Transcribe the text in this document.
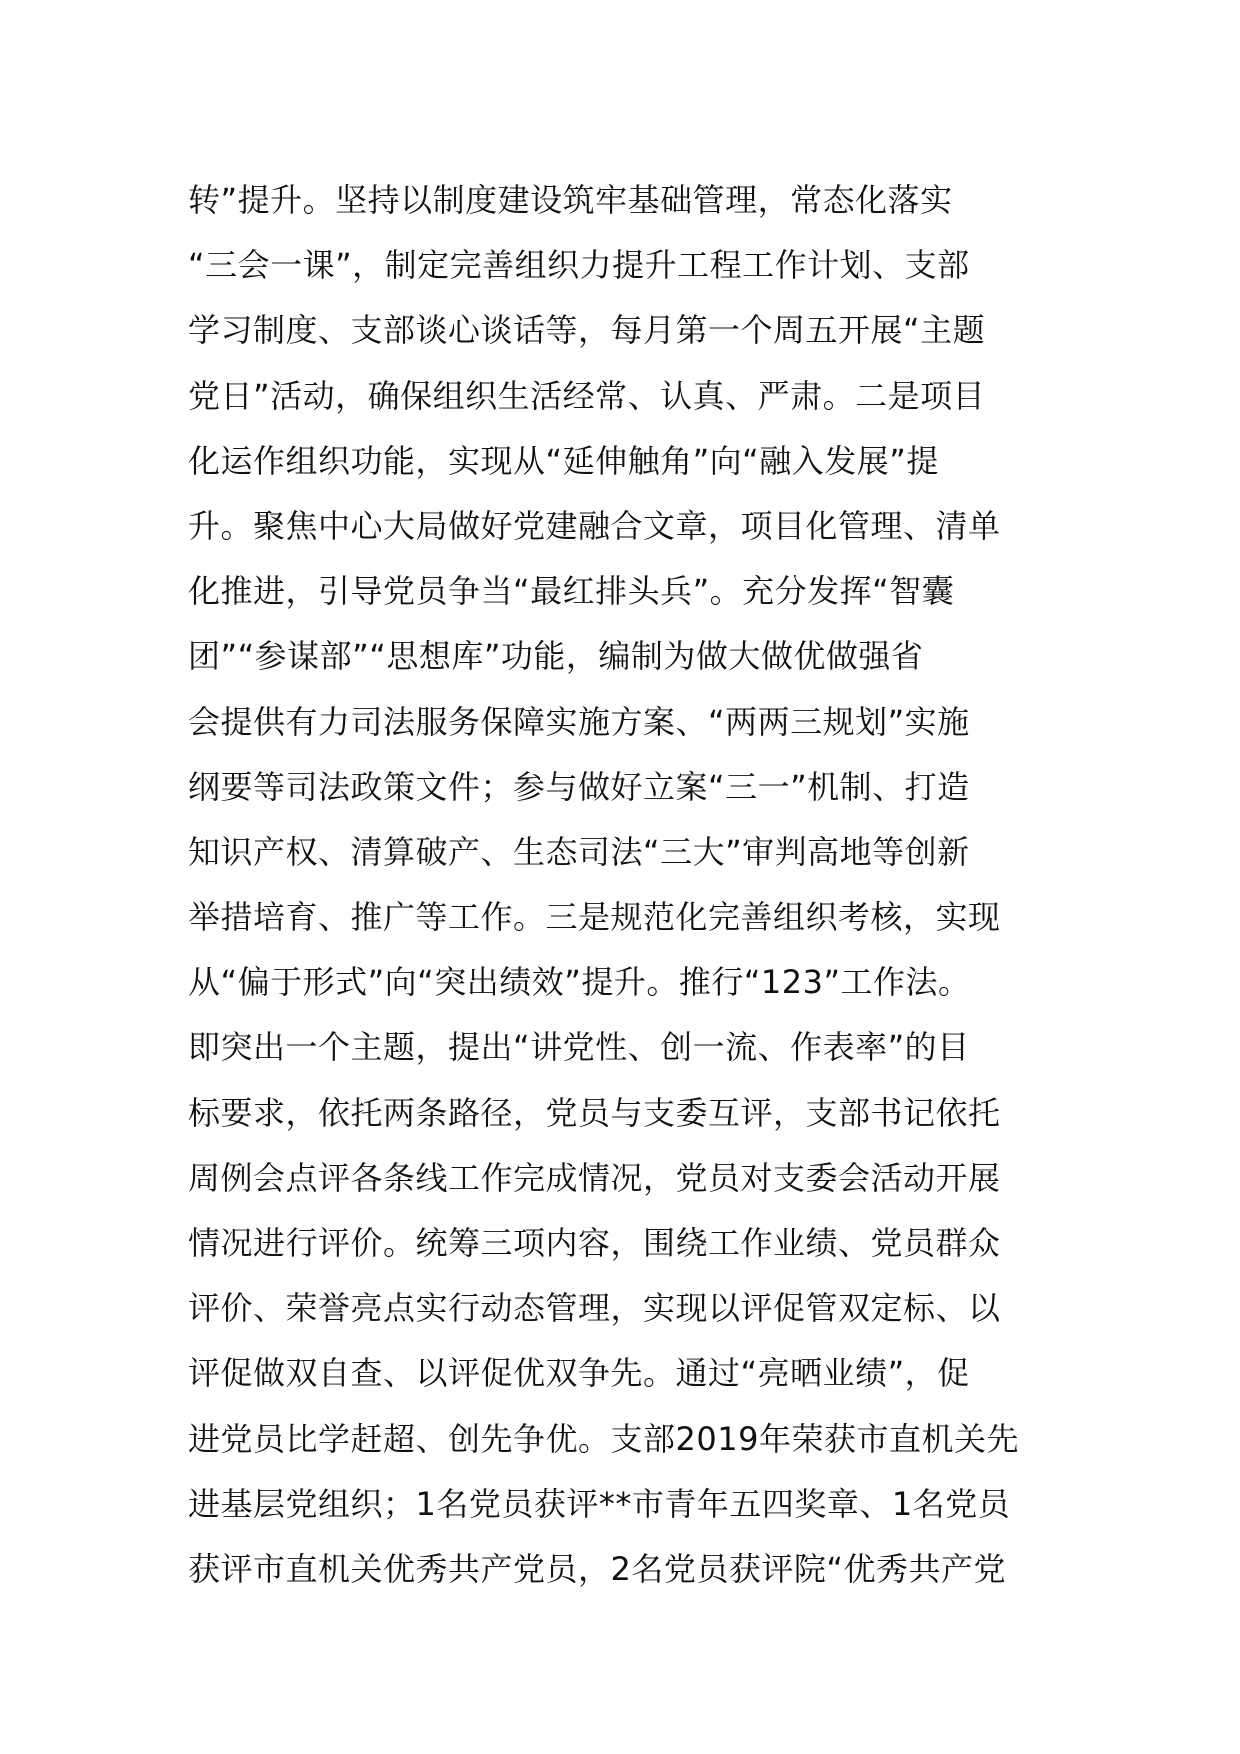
转”提升。坚持以制度建设筑牢基础管理，常态化落实
“三会一课”，制定完善组织力提升工程工作计划、支部
学习制度、支部谈心谈话等，每月第一个周五开展“主题
党日”活动，确保组织生活经常、认真、严肃。二是项目
化运作组织功能，实现从“延伸触角”向“融入发展”提
升。聚焦中心大局做好党建融合文章，项目化管理、清单
化推进，引导党员争当“最红排头兵”。充分发挥“智囊
团”“参谋部”“思想库”功能，编制为做大做优做强省
会提供有力司法服务保障实施方案、“两两三规划”实施
纲要等司法政策文件；参与做好立案“三一”机制、打造
知识产权、清算破产、生态司法“三大”审判高地等创新
举措培育、推广等工作。三是规范化完善组织考核，实现
从“偏于形式”向“突出绩效”提升。推行“123”工作法。
即突出一个主题，提出“讲党性、创一流、作表率”的目
标要求，依托两条路径，党员与支委互评，支部书记依托
周例会点评各条线工作完成情况，党员对支委会活动开展
情况进行评价。统筹三项内容，围绕工作业绩、党员群众
评价、荣誉亮点实行动态管理，实现以评促管双定标、以
评促做双自查、以评促优双争先。通过“亮晒业绩”，促
进党员比学赶超、创先争优。支部2019年荣获市直机关先
进基层党组织；1名党员获评**市青年五四奖章、1名党员
获评市直机关优秀共产党员，2名党员获评院“优秀共产党
